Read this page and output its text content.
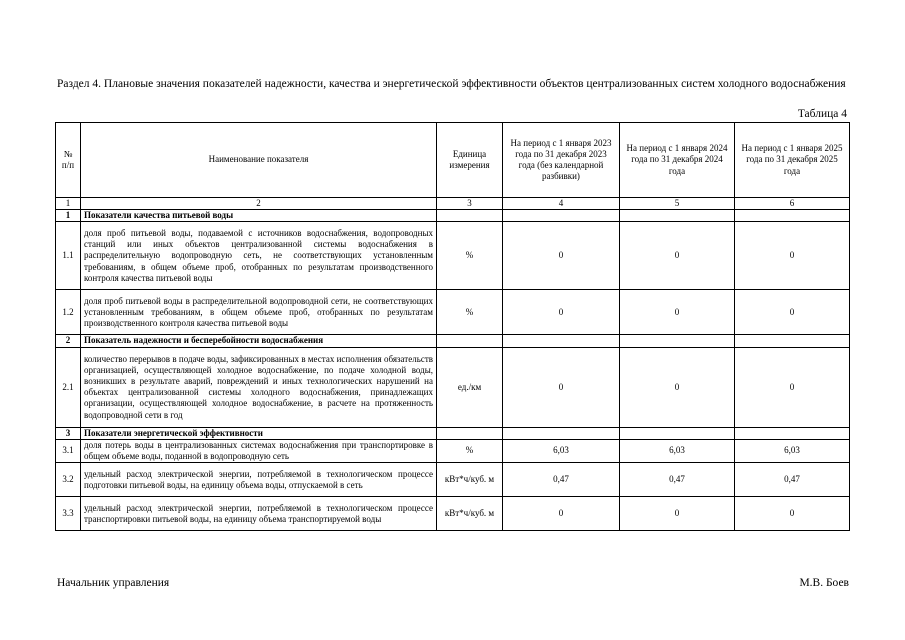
Раздел 4. Плановые значения показателей надежности, качества и энергетической эффективности объектов централизованных систем холодного водоснабжения
Таблица 4
№ п/п	Наименование показателя	Единица измерения	На период с 1 января 2023 года по 31 декабря 2023 года (без календарной разбивки)	На период с 1 января 2024 года по 31 декабря 2024 года	На период с 1 января 2025 года по 31 декабря 2025 года
1	2	3	4	5	6
1	Показатели качества питьевой воды				
1.1	доля проб питьевой воды, подаваемой с источников водоснабжения, водопроводных станций или иных объектов централизованной системы водоснабжения в распределительную водопроводную сеть, не соответствующих установленным требованиям, в общем объеме проб, отобранных по результатам производственного контроля качества питьевой воды	%	0	0	0
1.2	доля проб питьевой воды в распределительной водопроводной сети, не соответствующих установленным требованиям, в общем объеме проб, отобранных по результатам производственного контроля качества питьевой воды	%	0	0	0
2	Показатель надежности и бесперебойности водоснабжения				
2.1	количество перерывов в подаче воды, зафиксированных в местах исполнения обязательств организацией, осуществляющей холодное водоснабжение, по подаче холодной воды, возникших в результате аварий, повреждений и иных технологических нарушений на объектах централизованной системы холодного водоснабжения, принадлежащих организации, осуществляющей холодное водоснабжение, в расчете на протяженность водопроводной сети в год	ед./км	0	0	0
3	Показатели энергетической эффективности				
3.1	доля потерь воды в централизованных системах водоснабжения при транспортировке в общем объеме воды, поданной в водопроводную сеть	%	6,03	6,03	6,03
3.2	удельный расход электрической энергии, потребляемой в технологическом процессе подготовки питьевой воды, на единицу объема воды, отпускаемой в сеть	кВт*ч/куб. м	0,47	0,47	0,47
3.3	удельный расход электрической энергии, потребляемой в технологическом процессе транспортировки питьевой воды, на единицу объема транспортируемой воды	кВт*ч/куб. м	0	0	0
Начальник управления	М.В. Боев
